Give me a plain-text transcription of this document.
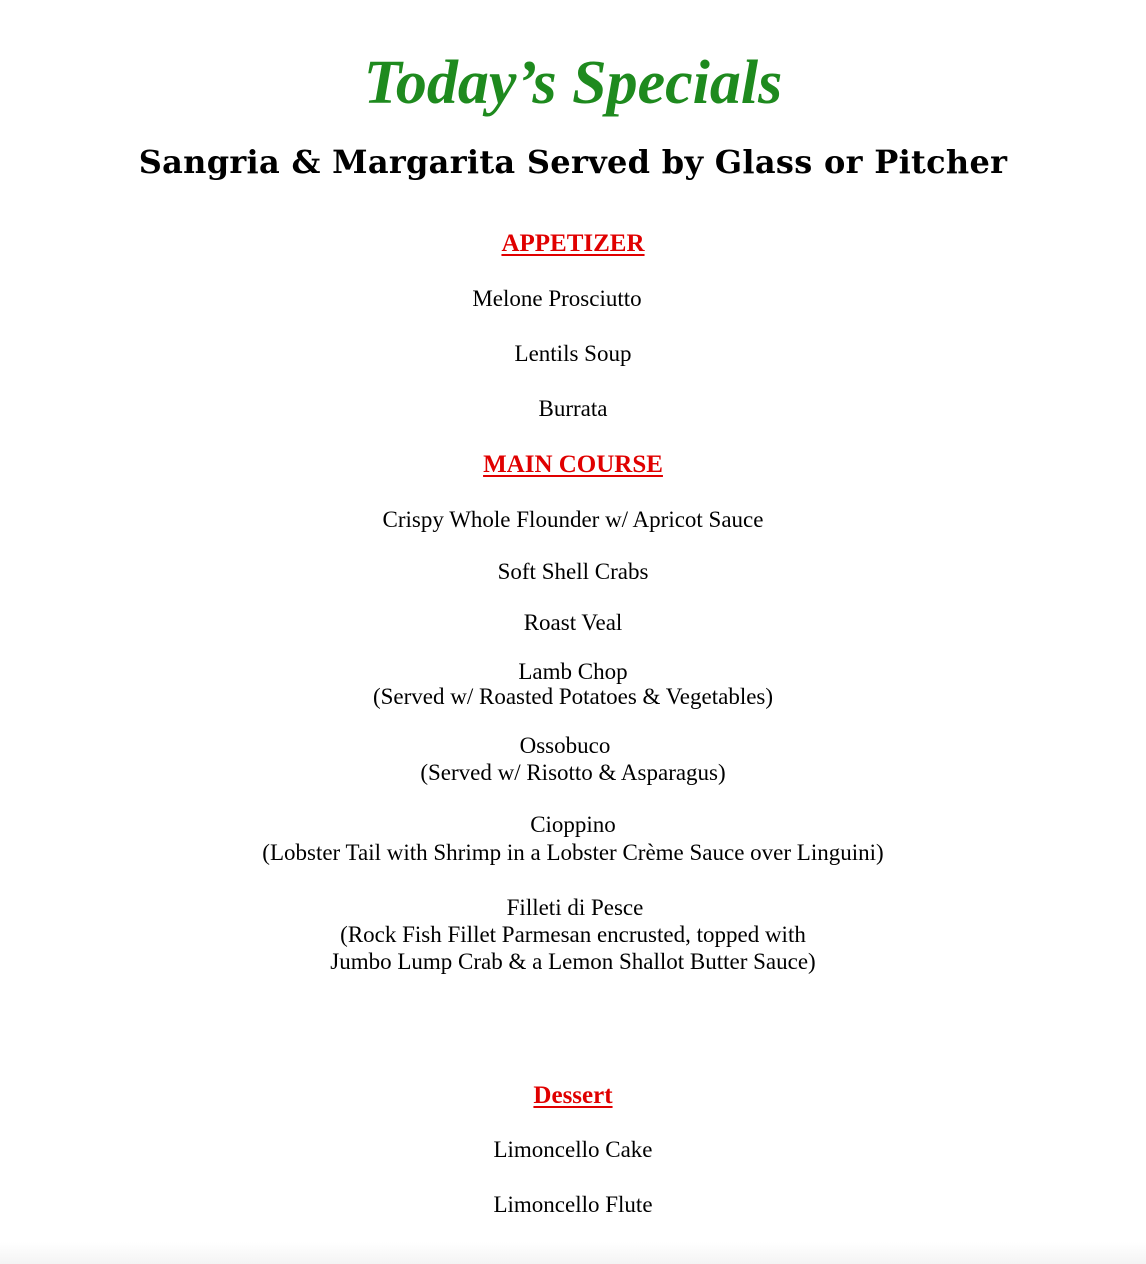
Today’s Specials
Sangria & Margarita Served by Glass or Pitcher
APPETIZER
Melone Prosciutto
Lentils Soup
Burrata
MAIN COURSE
Crispy Whole Flounder w/ Apricot Sauce
Soft Shell Crabs
Roast Veal
Lamb Chop
(Served w/ Roasted Potatoes & Vegetables)
Ossobuco
(Served w/ Risotto & Asparagus)
Cioppino
(Lobster Tail with Shrimp in a Lobster Crème Sauce over Linguini)
Filleti di Pesce
(Rock Fish Fillet Parmesan encrusted, topped with
Jumbo Lump Crab & a Lemon Shallot Butter Sauce)
Dessert
Limoncello Cake
Limoncello Flute
